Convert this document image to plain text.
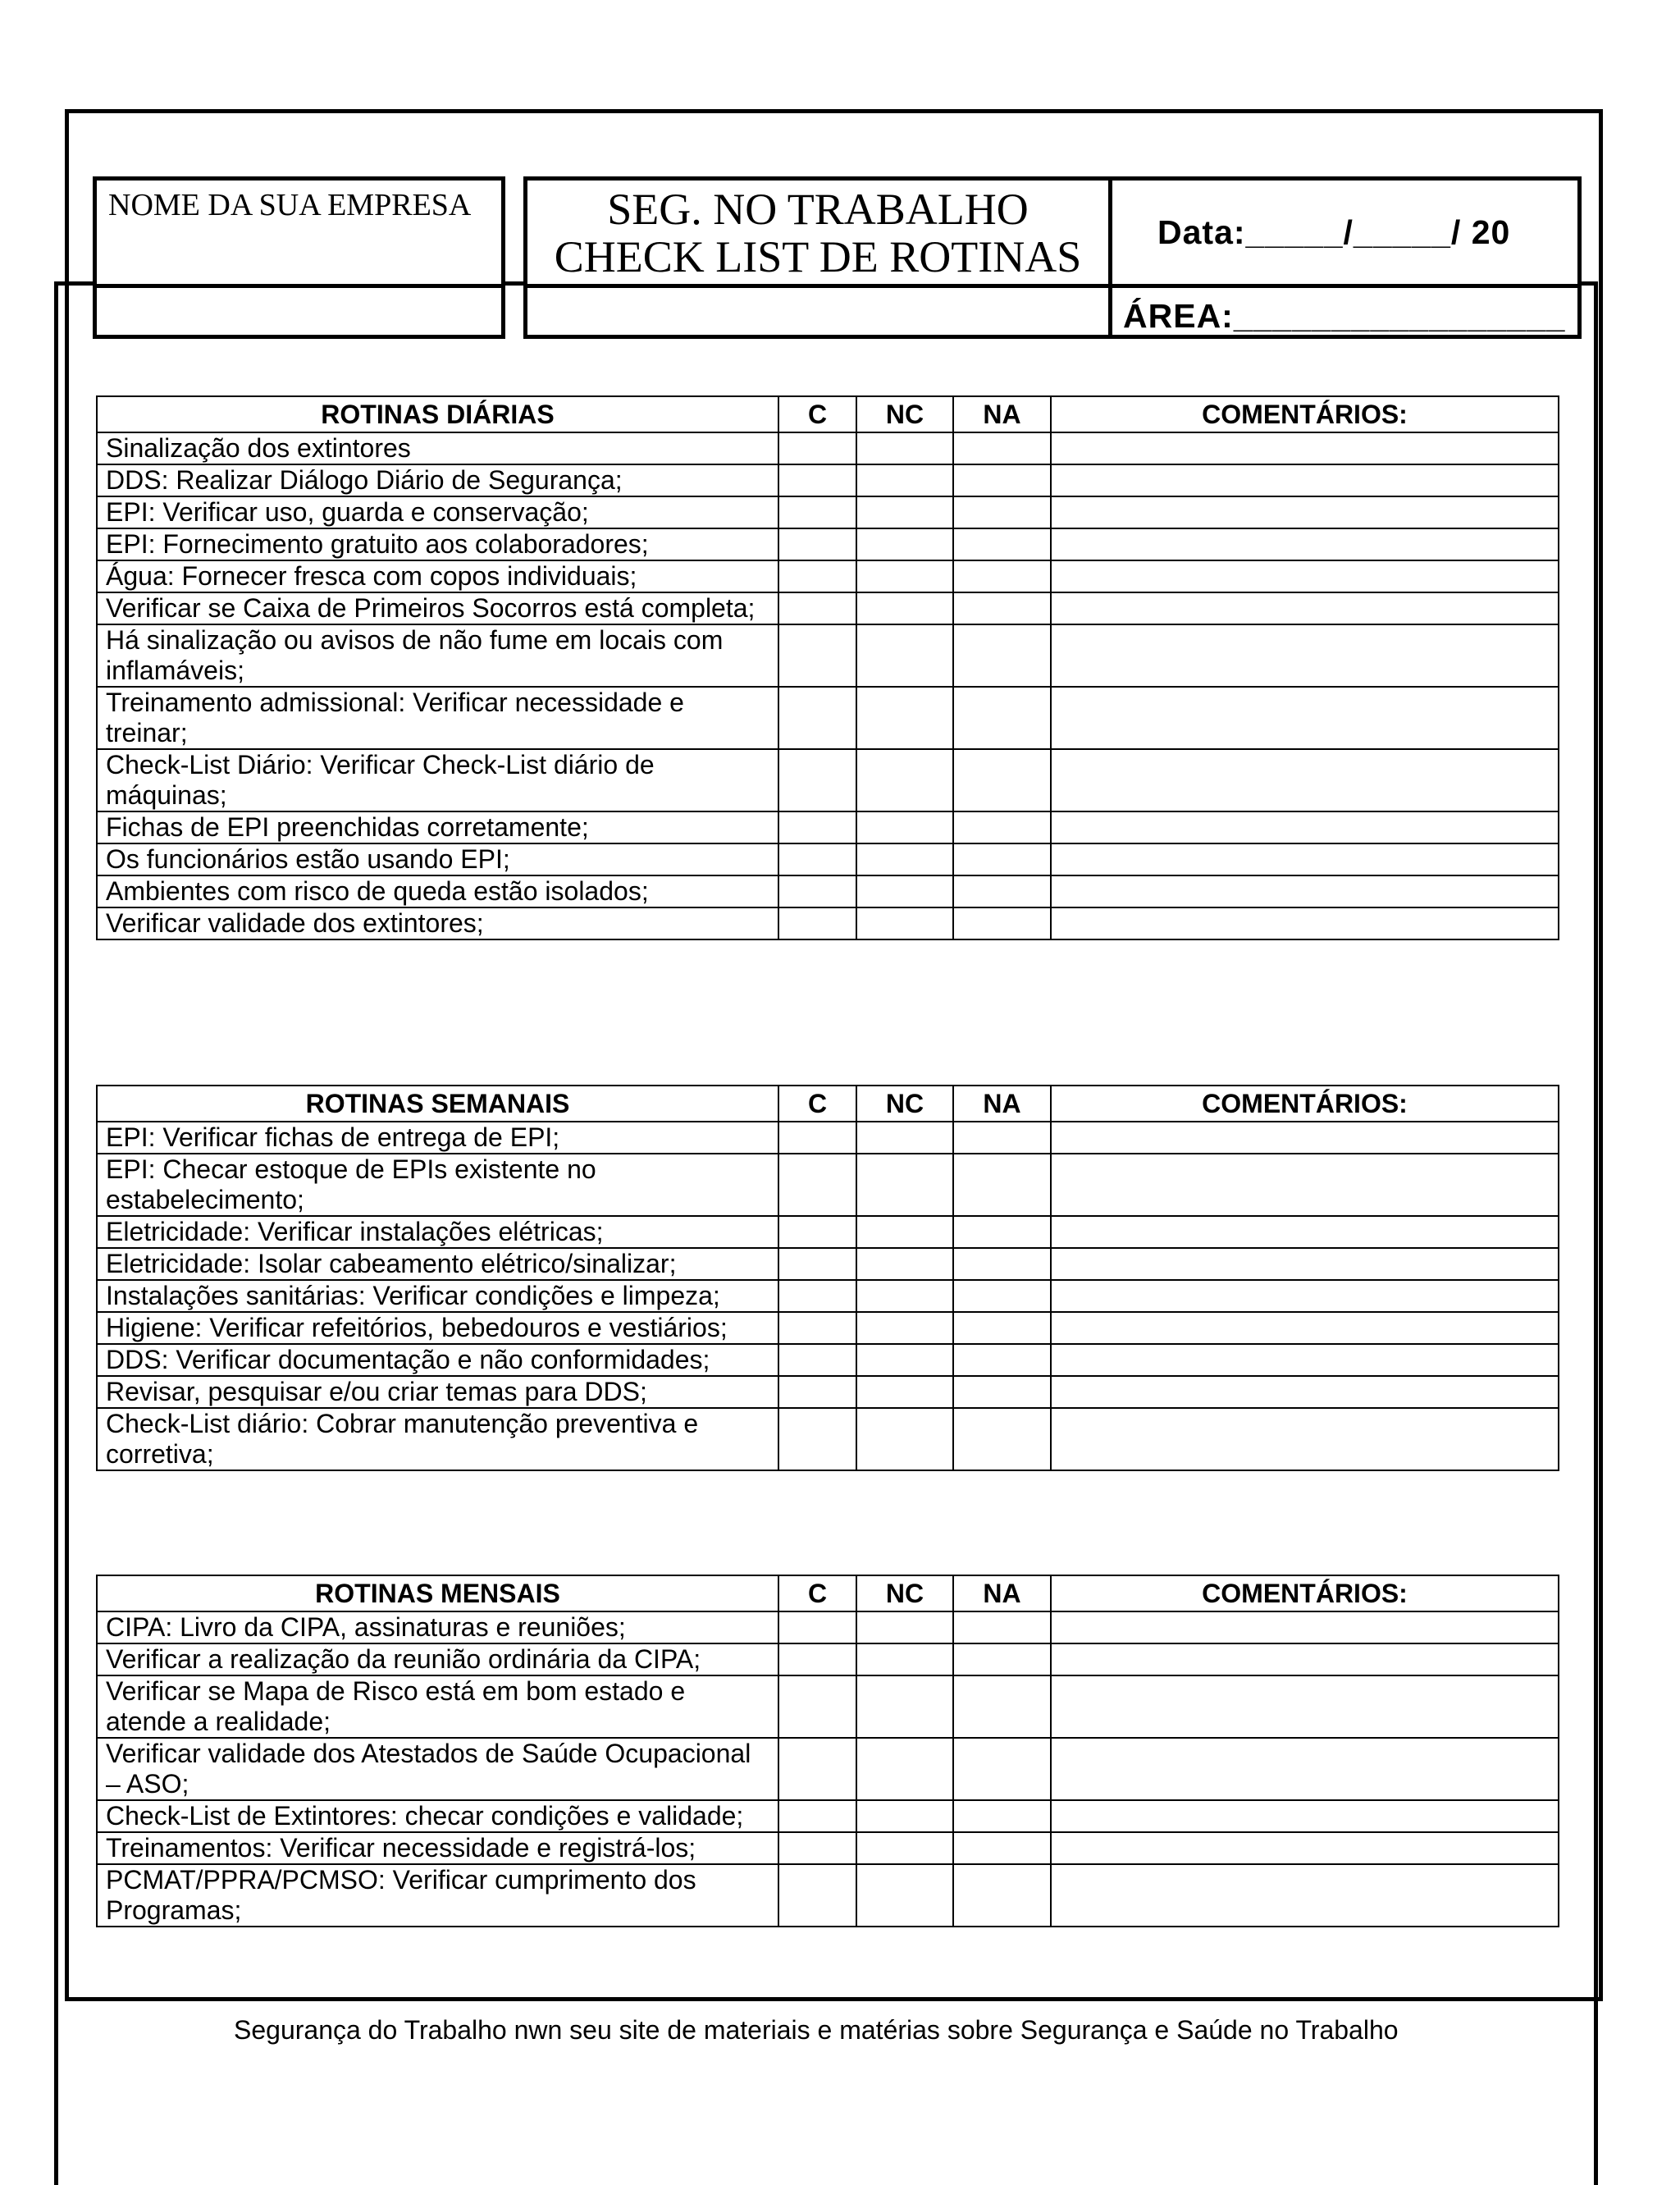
NOME DA SUA EMPRESA	SEG. NO TRABALHO
CHECK LIST DE ROTINAS	Data:_____/_____/ 20
ÁREA:_________________
ROTINAS DIÁRIAS	C	NC	NA	COMENTÁRIOS:
Sinalização dos extintores				
DDS: Realizar Diálogo Diário de Segurança;				
EPI: Verificar uso, guarda e conservação;				
EPI: Fornecimento gratuito aos colaboradores;				
Água: Fornecer fresca com copos individuais;				
Verificar se Caixa de Primeiros Socorros está completa;				
Há sinalização ou avisos de não fume em locais com inflamáveis;				
Treinamento admissional: Verificar necessidade e treinar;				
Check-List Diário: Verificar Check-List diário de máquinas;				
Fichas de EPI preenchidas corretamente;				
Os funcionários estão usando EPI;				
Ambientes com risco de queda estão isolados;				
Verificar validade dos extintores;				
ROTINAS SEMANAIS	C	NC	NA	COMENTÁRIOS:
EPI: Verificar fichas de entrega de EPI;				
EPI: Checar estoque de EPIs existente no estabelecimento;				
Eletricidade: Verificar instalações elétricas;				
Eletricidade: Isolar cabeamento elétrico/sinalizar;				
Instalações sanitárias: Verificar condições e limpeza;				
Higiene: Verificar refeitórios, bebedouros e vestiários;				
DDS: Verificar documentação e não conformidades;				
Revisar, pesquisar e/ou criar temas para DDS;				
Check-List diário: Cobrar manutenção preventiva e corretiva;				
ROTINAS MENSAIS	C	NC	NA	COMENTÁRIOS:
CIPA: Livro da CIPA, assinaturas e reuniões;				
Verificar a realização da reunião ordinária da CIPA;				
Verificar se Mapa de Risco está em bom estado e atende a realidade;				
Verificar validade dos Atestados de Saúde Ocupacional – ASO;				
Check-List de Extintores: checar condições e validade;				
Treinamentos: Verificar necessidade e registrá-los;				
PCMAT/PPRA/PCMSO: Verificar cumprimento dos Programas;				
Segurança do Trabalho nwn seu site de materiais e matérias sobre Segurança e Saúde no Trabalho
